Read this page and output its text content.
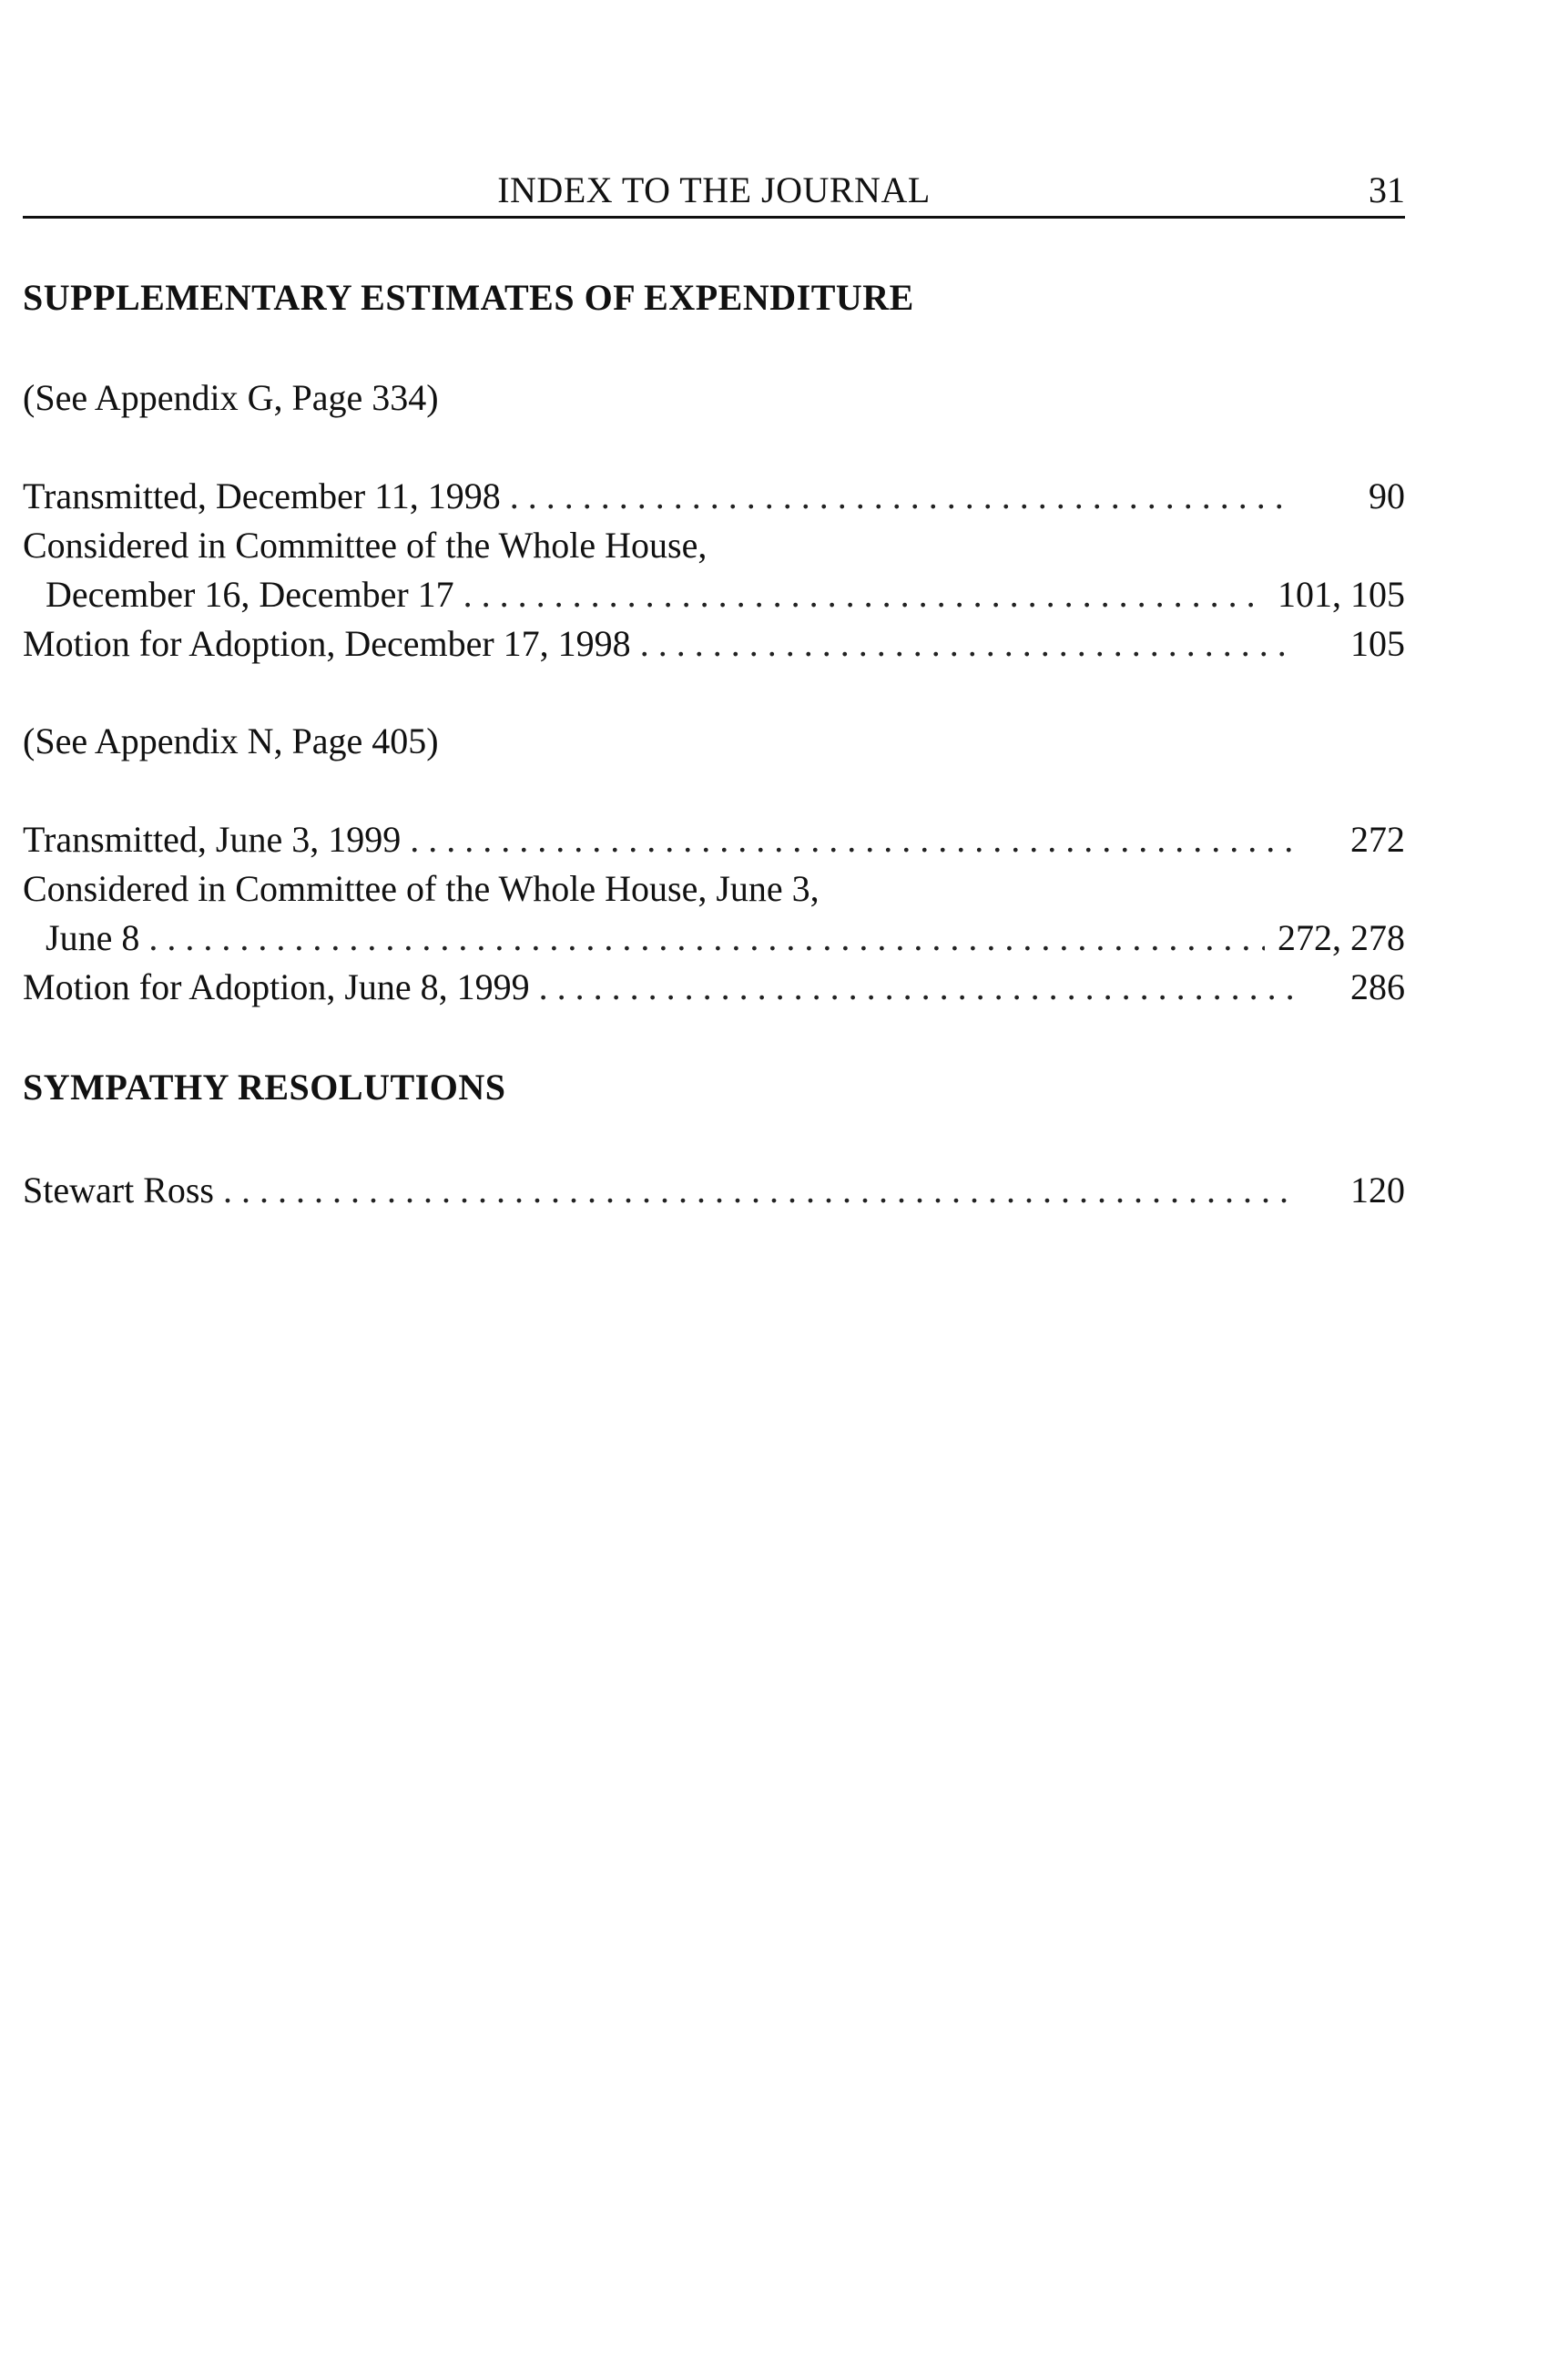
INDEX TO THE JOURNAL	31
SUPPLEMENTARY ESTIMATES OF EXPENDITURE
(See Appendix G, Page 334)
Transmitted, December 11, 1998 . . .	90
Considered in Committee of the Whole House,
December 16, December 17 . . .	101, 105
Motion for Adoption, December 17, 1998 . . .	105
(See Appendix N, Page 405)
Transmitted, June 3, 1999 . . .	272
Considered in Committee of the Whole House, June 3,
June 8 . . .	272, 278
Motion for Adoption, June 8, 1999 . . .	286
SYMPATHY RESOLUTIONS
Stewart Ross . . .	120
